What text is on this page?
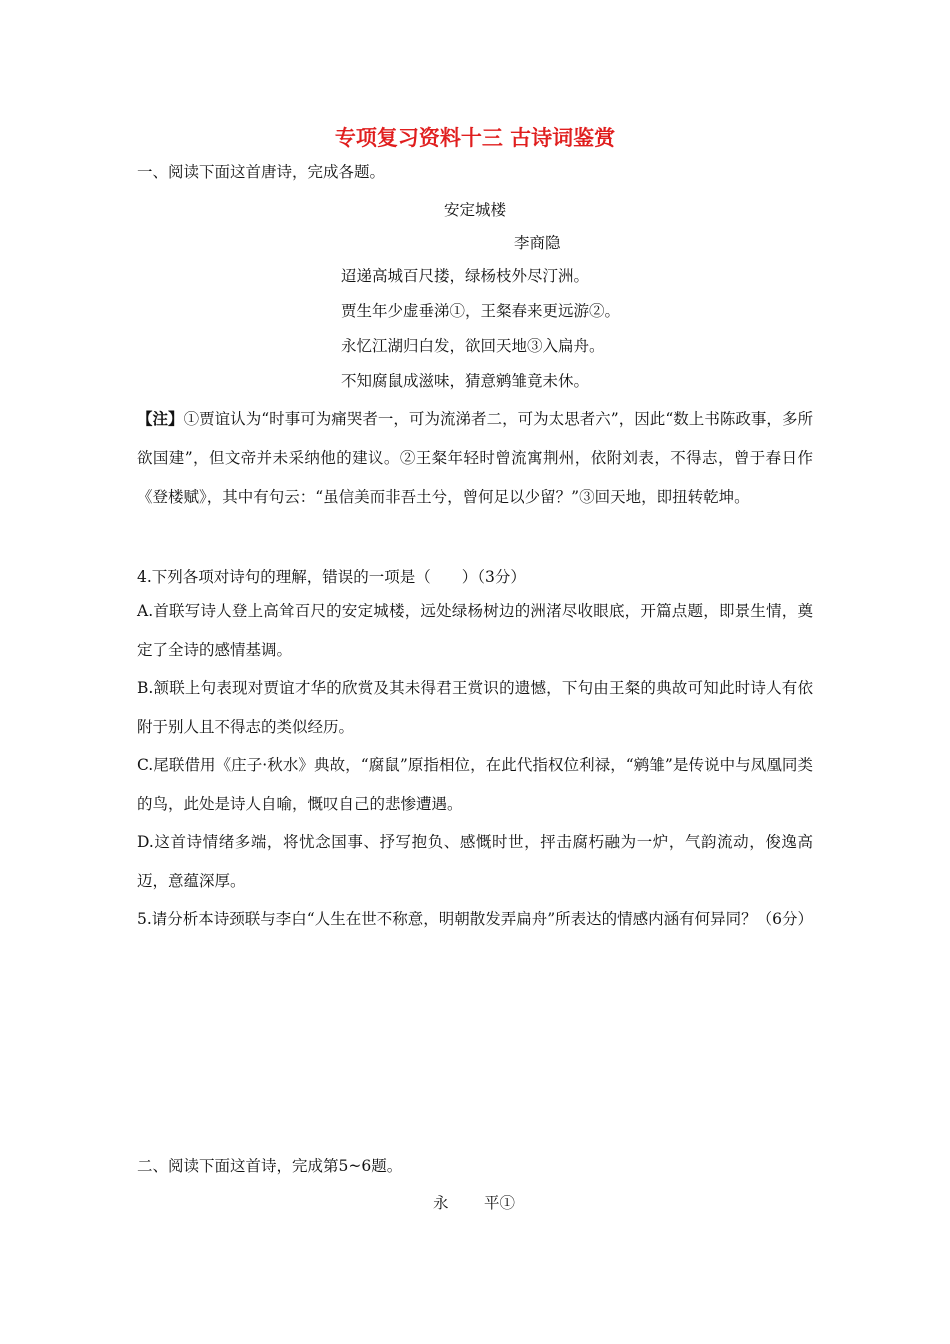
专项复习资料十三 古诗词鉴赏
一、阅读下面这首唐诗，完成各题。
安定城楼
李商隐
迢递高城百尺搂，绿杨枝外尽汀洲。
贾生年少虚垂涕①，王粲春来更远游②。
永忆江湖归白发，欲回天地③入扁舟。
不知腐鼠成滋味，猜意鹓雏竟未休。
【注】①贾谊认为“时事可为痛哭者一，可为流涕者二，可为太思者六”，因此“数上书陈政事，多所欲国建”，但文帝并未采纳他的建议。②王粲年轻时曾流寓荆州，依附刘表，不得志，曾于春日作《登楼赋》，其中有句云：“虽信美而非吾土兮，曾何足以少留？”③回天地，即扭转乾坤。
4.下列各项对诗句的理解，错误的一项是（　　）（3分）
A.首联写诗人登上高耸百尺的安定城楼，远处绿杨树边的洲渚尽收眼底，开篇点题，即景生情，奠定了全诗的感情基调。
B.颔联上句表现对贾谊才华的欣赏及其未得君王赏识的遗憾，下句由王粲的典故可知此时诗人有依附于别人且不得志的类似经历。
C.尾联借用《庄子·秋水》典故，“腐鼠”原指相位，在此代指权位利禄，“鹓雏”是传说中与凤凰同类的鸟，此处是诗人自喻，慨叹自己的悲惨遭遇。
D.这首诗情绪多端，将忧念国事、抒写抱负、感慨时世，抨击腐朽融为一炉，气韵流动，俊逸高迈，意蕴深厚。
5.请分析本诗颈联与李白“人生在世不称意，明朝散发弄扁舟”所表达的情感内涵有何异同？（6分）
二、阅读下面这首诗，完成第5~6题。
永 平①
